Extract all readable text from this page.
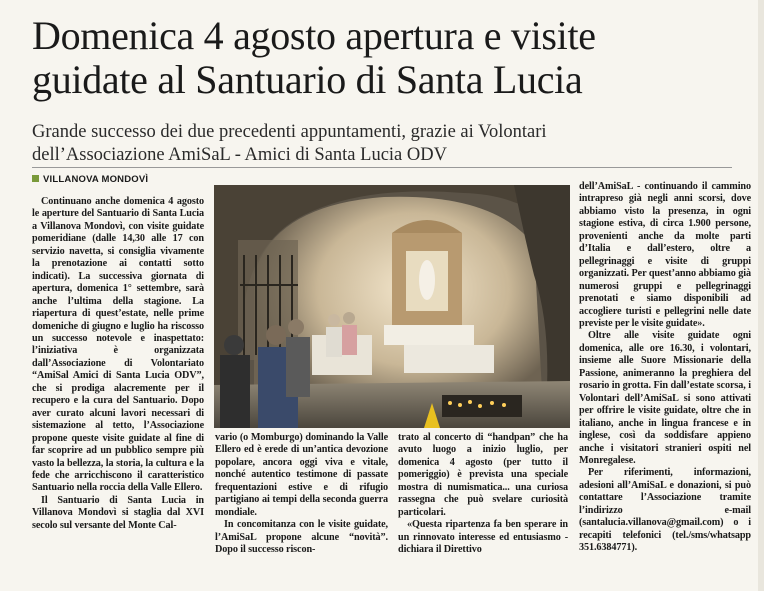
Domenica 4 agosto apertura e visite
guidate al Santuario di Santa Lucia
Grande successo dei due precedenti appuntamenti, grazie ai Volontari
dell’Associazione AmiSaL - Amici di Santa Lucia ODV
VILLANOVA MONDOVÌ

Continuano anche domenica 4 agosto le aperture del Santuario di Santa Lucia a Villanova Mondovì, con visite guidate pomeridiane (dalle 14,30 alle 17 con servizio navetta, si consiglia vivamente la prenotazione ai contatti sotto indicati). La successiva giornata di apertura, domenica 1° settembre, sarà anche l’ultima della stagione. La riapertura di quest’estate, nelle prime domeniche di giugno e luglio ha riscosso un successo notevole e inaspettato: l’iniziativa è organizzata dall’Associazione di Volontariato “AmiSal Amici di Santa Lucia ODV”, che si prodiga alacremente per il recupero e la cura del Santuario. Dopo aver curato alcuni lavori necessari di sistemazione al tetto, l’Associazione propone queste visite guidate al fine di far scoprire ad un pubblico sempre più vasto la bellezza, la storia, la cultura e la fede che arricchiscono il caratteristico Santuario nella roccia della Valle Ellero.

Il Santuario di Santa Lucia in Villanova Mondovì si staglia dal XVI secolo sul versante del Monte Cal-

vario (o Momburgo) dominando la Valle Ellero ed è erede di un’antica devozione popolare, ancora oggi viva e vitale, nonché autentico testimone di passate frequentazioni estive e di rifugio partigiano ai tempi della seconda guerra mondiale.

In concomitanza con le visite guidate, l’AmiSaL propone alcune “novità”. Dopo il successo riscon-

trato al concerto di “handpan” che ha avuto luogo a inizio luglio, per domenica 4 agosto (per tutto il pomeriggio) è prevista una speciale mostra di numismatica... una curiosa rassegna che può svelare curiosità particolari.

«Questa ripartenza fa ben sperare in un rinnovato interesse ed entusiasmo - dichiara il Direttivo

dell’AmiSaL - continuando il cammino intrapreso già negli anni scorsi, dove abbiamo visto la presenza, in ogni stagione estiva, di circa 1.900 persone, provenienti anche da molte parti d’Italia e dall’estero, oltre a pellegrinaggi e visite di gruppi organizzati. Per quest’anno abbiamo già numerosi gruppi e pellegrinaggi prenotati e siamo disponibili ad accogliere turisti e pellegrini nelle date previste per le visite guidate».

Oltre alle visite guidate ogni domenica, alle ore 16.30, i volontari, insieme alle Suore Missionarie della Passione, animeranno la preghiera del rosario in grotta. Fin dall’estate scorsa, i Volontari dell’AmiSaL si sono attivati per offrire le visite guidate, oltre che in italiano, anche in lingua francese e in inglese, così da soddisfare appieno anche i visitatori stranieri ospiti nel Monregalese.

Per riferimenti, informazioni, adesioni all’AmiSaL e donazioni, si può contattare l’Associazione tramite l’indirizzo e-mail (santalucia.villanova@gmail.com) o i recapiti telefonici (tel./sms/whatsapp 351.6384771).
